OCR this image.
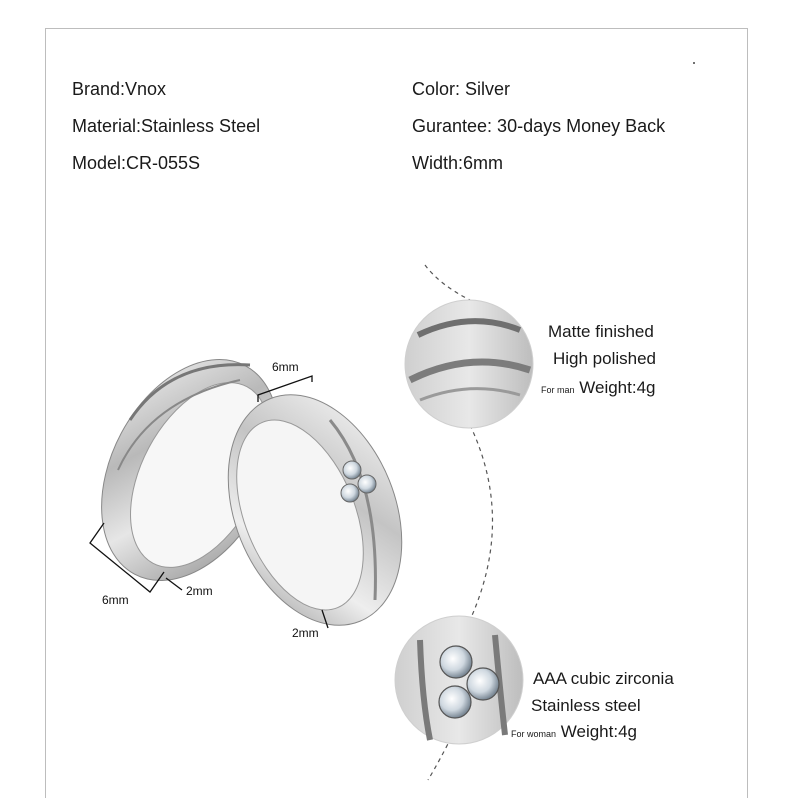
Brand:Vnox
Material:Stainless Steel
Model:CR-055S
Color: Silver
Gurantee: 30-days Money Back
Width:6mm
6mm
6mm
2mm
2mm
Matte finished
High polished
For man Weight:4g
AAA cubic zirconia
Stainless steel
For woman Weight:4g
